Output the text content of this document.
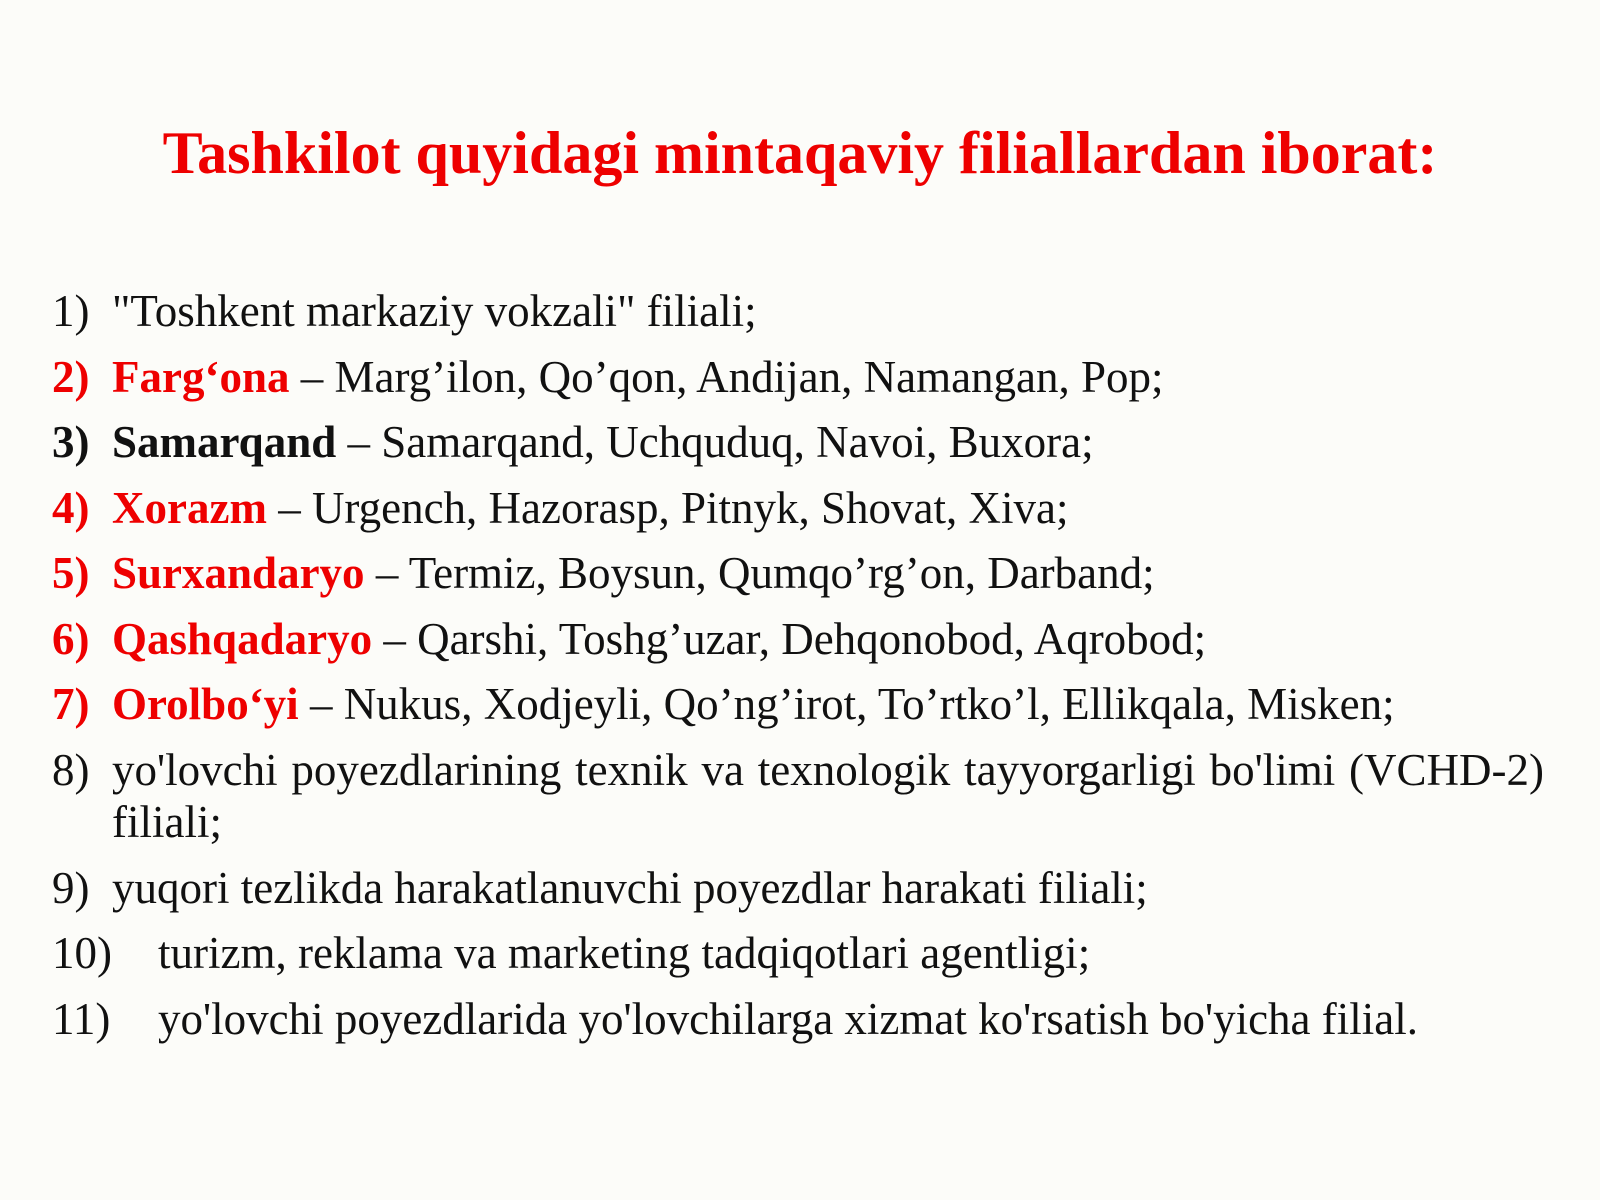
Tashkilot quyidagi mintaqaviy filiallardan iborat:
1) "Toshkent markaziy vokzali" filiali;
2) Farg‘ona – Marg’ilon, Qo’qon, Andijan, Namangan, Pop;
3) Samarqand – Samarqand, Uchquduq, Navoi, Buxora;
4) Xorazm – Urgench, Hazorasp, Pitnyk, Shovat, Xiva;
5) Surxandaryo – Termiz, Boysun, Qumqo’rg’on, Darband;
6) Qashqadaryo – Qarshi, Toshg’uzar, Dehqonobod, Aqrobod;
7) Orolbo‘yi – Nukus, Xodjeyli, Qo’ng’irot, To’rtko’l, Ellikqala, Misken;
8) yo'lovchi poyezdlarining texnik va texnologik tayyorgarligi bo'limi (VCHD-2) filiali;
9) yuqori tezlikda harakatlanuvchi poyezdlar harakati filiali;
10)	turizm, reklama va marketing tadqiqotlari agentligi;
11)	yo'lovchi poyezdlarida yo'lovchilarga xizmat ko'rsatish bo'yicha filial.
